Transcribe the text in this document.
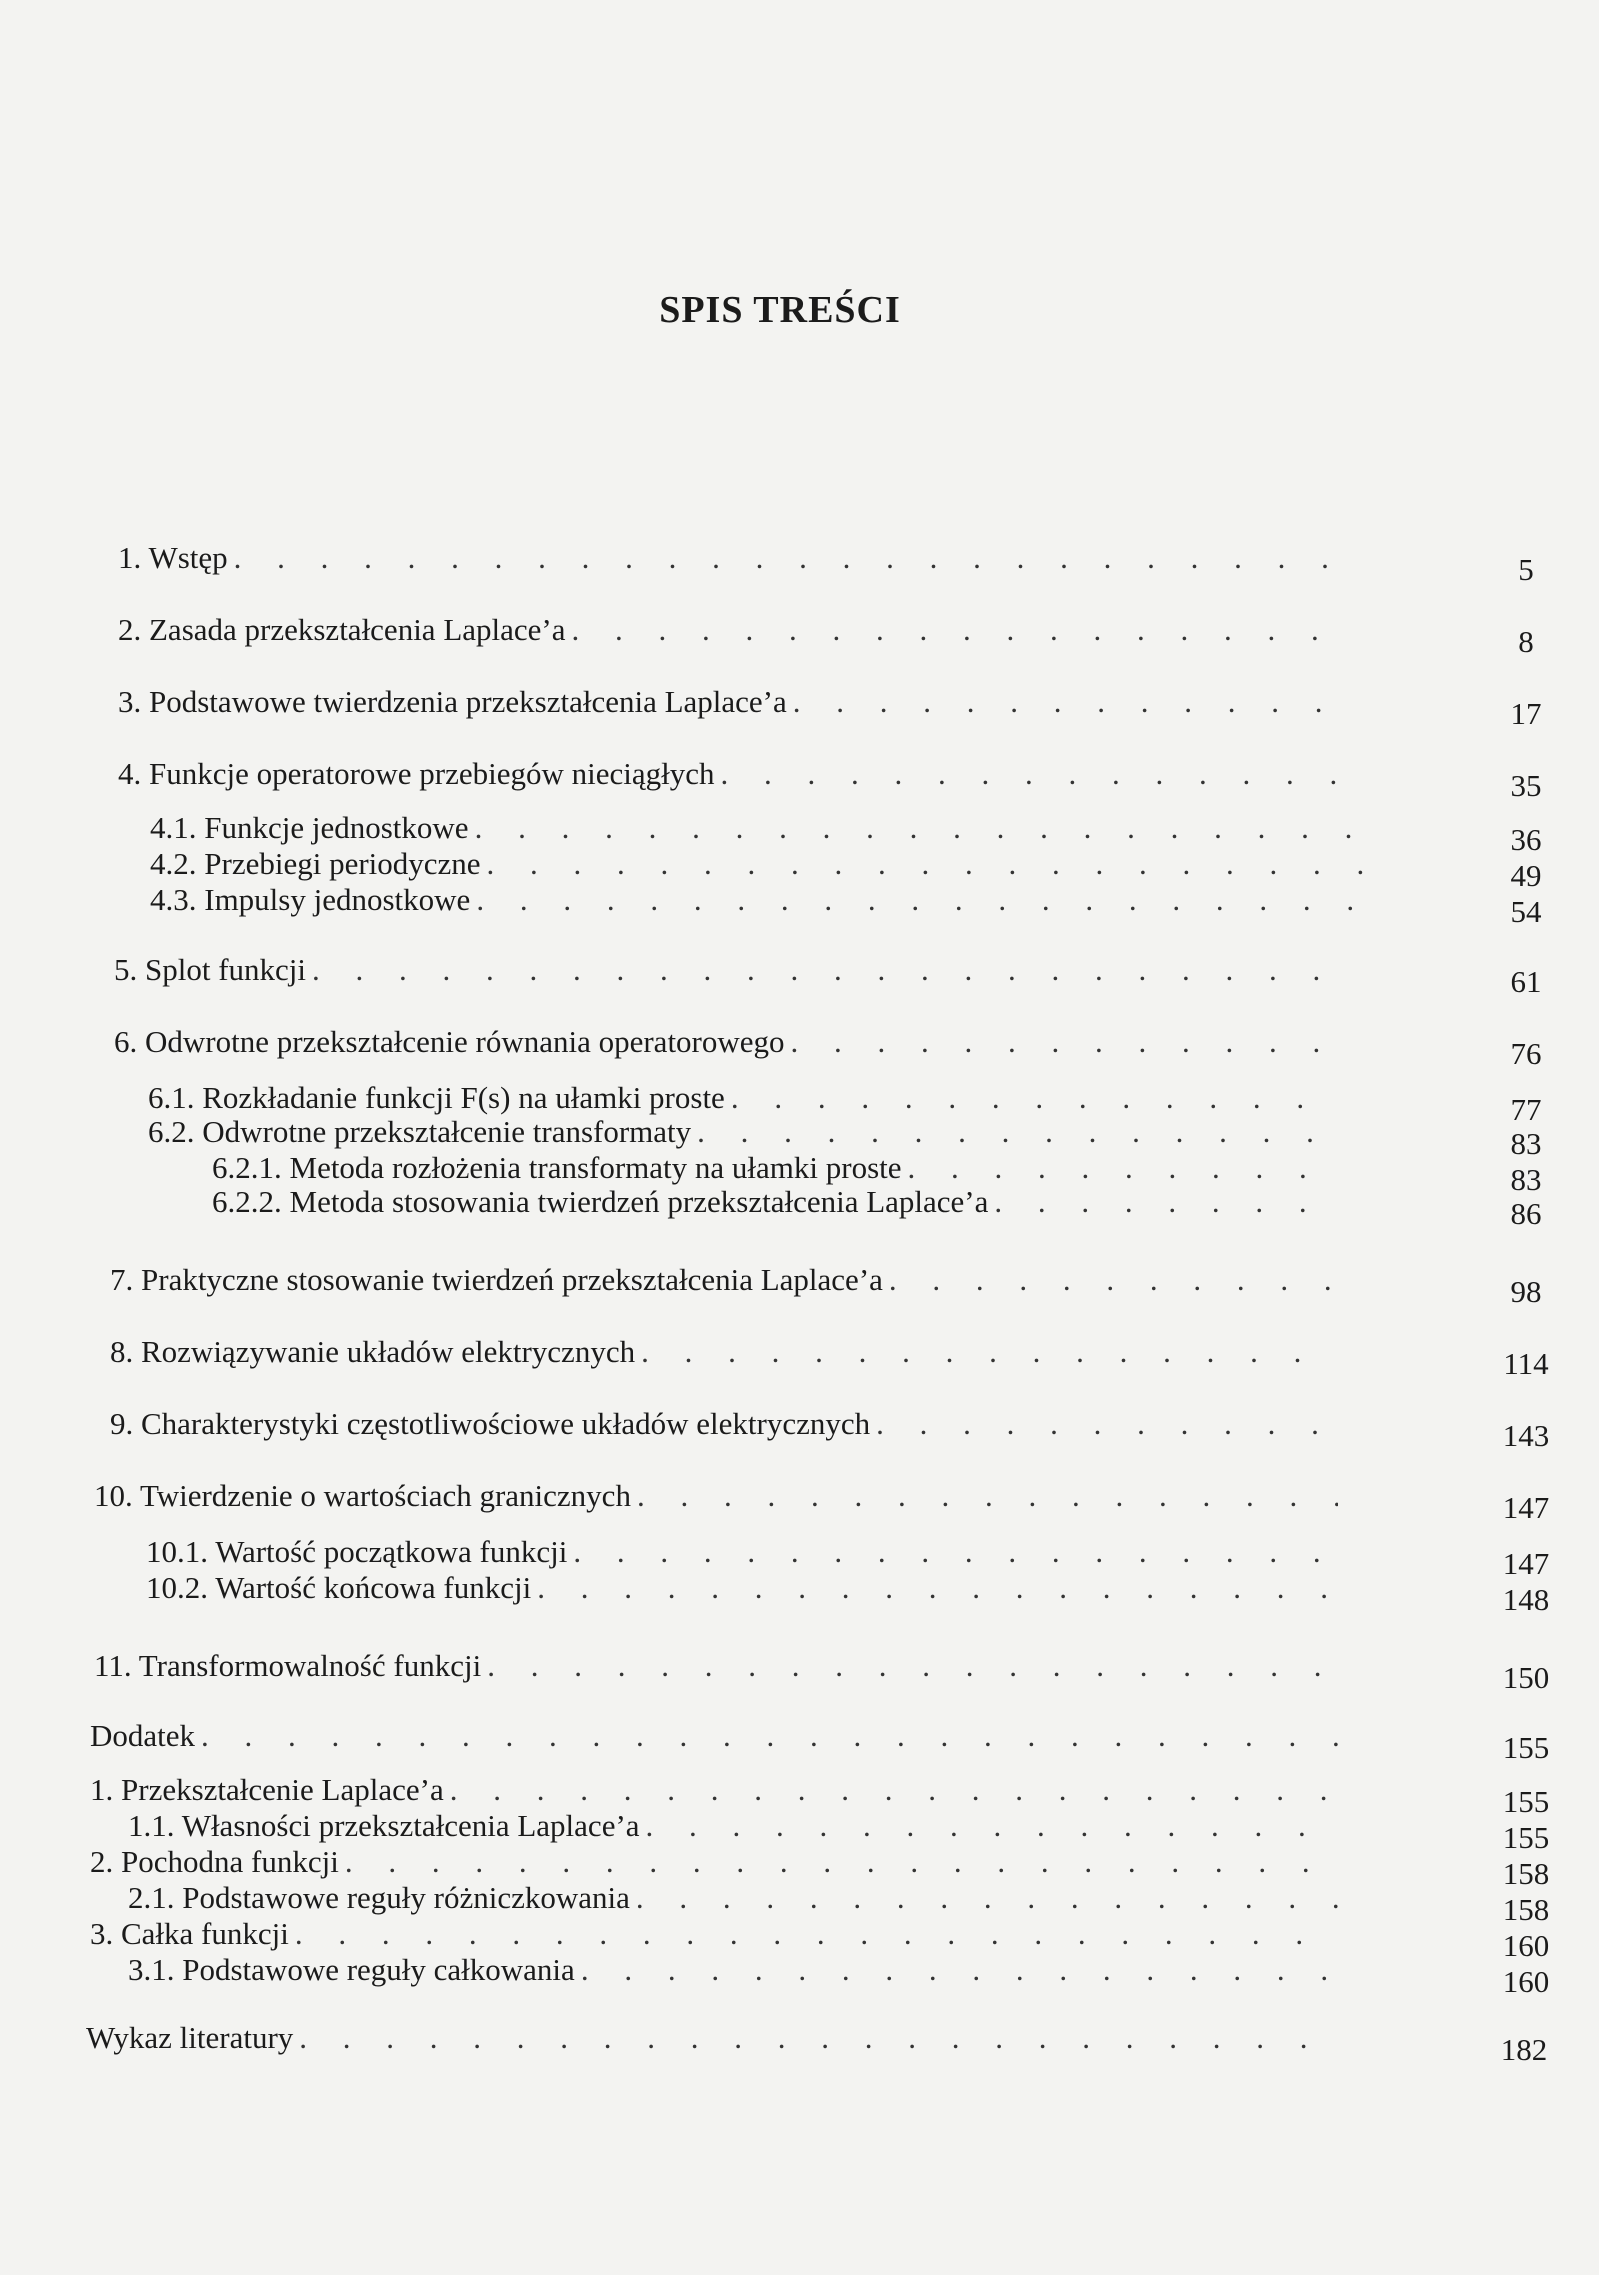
SPIS TREŚCI
1. Wstęp . . .	5
2. Zasada przekształcenia Laplace’a . . .	8
3. Podstawowe twierdzenia przekształcenia Laplace’a . . .	17
4. Funkcje operatorowe przebiegów nieciągłych . . .	35
4.1. Funkcje jednostkowe . . .	36
4.2. Przebiegi periodyczne . . .	49
4.3. Impulsy jednostkowe . . .	54
5. Splot funkcji . . .	61
6. Odwrotne przekształcenie równania operatorowego . . .	76
6.1. Rozkładanie funkcji F(s) na ułamki proste . . .	77
6.2. Odwrotne przekształcenie transformaty . . .	83
6.2.1. Metoda rozłożenia transformaty na ułamki proste . . .	83
6.2.2. Metoda stosowania twierdzeń przekształcenia Laplace’a . . .	86
7. Praktyczne stosowanie twierdzeń przekształcenia Laplace’a . . .	98
8. Rozwiązywanie układów elektrycznych . . .	114
9. Charakterystyki częstotliwościowe układów elektrycznych . . .	143
10. Twierdzenie o wartościach granicznych . . .	147
10.1. Wartość początkowa funkcji . . .	147
10.2. Wartość końcowa funkcji . . .	148
11. Transformowalność funkcji . . .	150
Dodatek . . .	155
1. Przekształcenie Laplace’a . . .	155
1.1. Własności przekształcenia Laplace’a . . .	155
2. Pochodna funkcji . . .	158
2.1. Podstawowe reguły różniczkowania . . .	158
3. Całka funkcji . . .	160
3.1. Podstawowe reguły całkowania . . .	160
Wykaz literatury . . .	182
